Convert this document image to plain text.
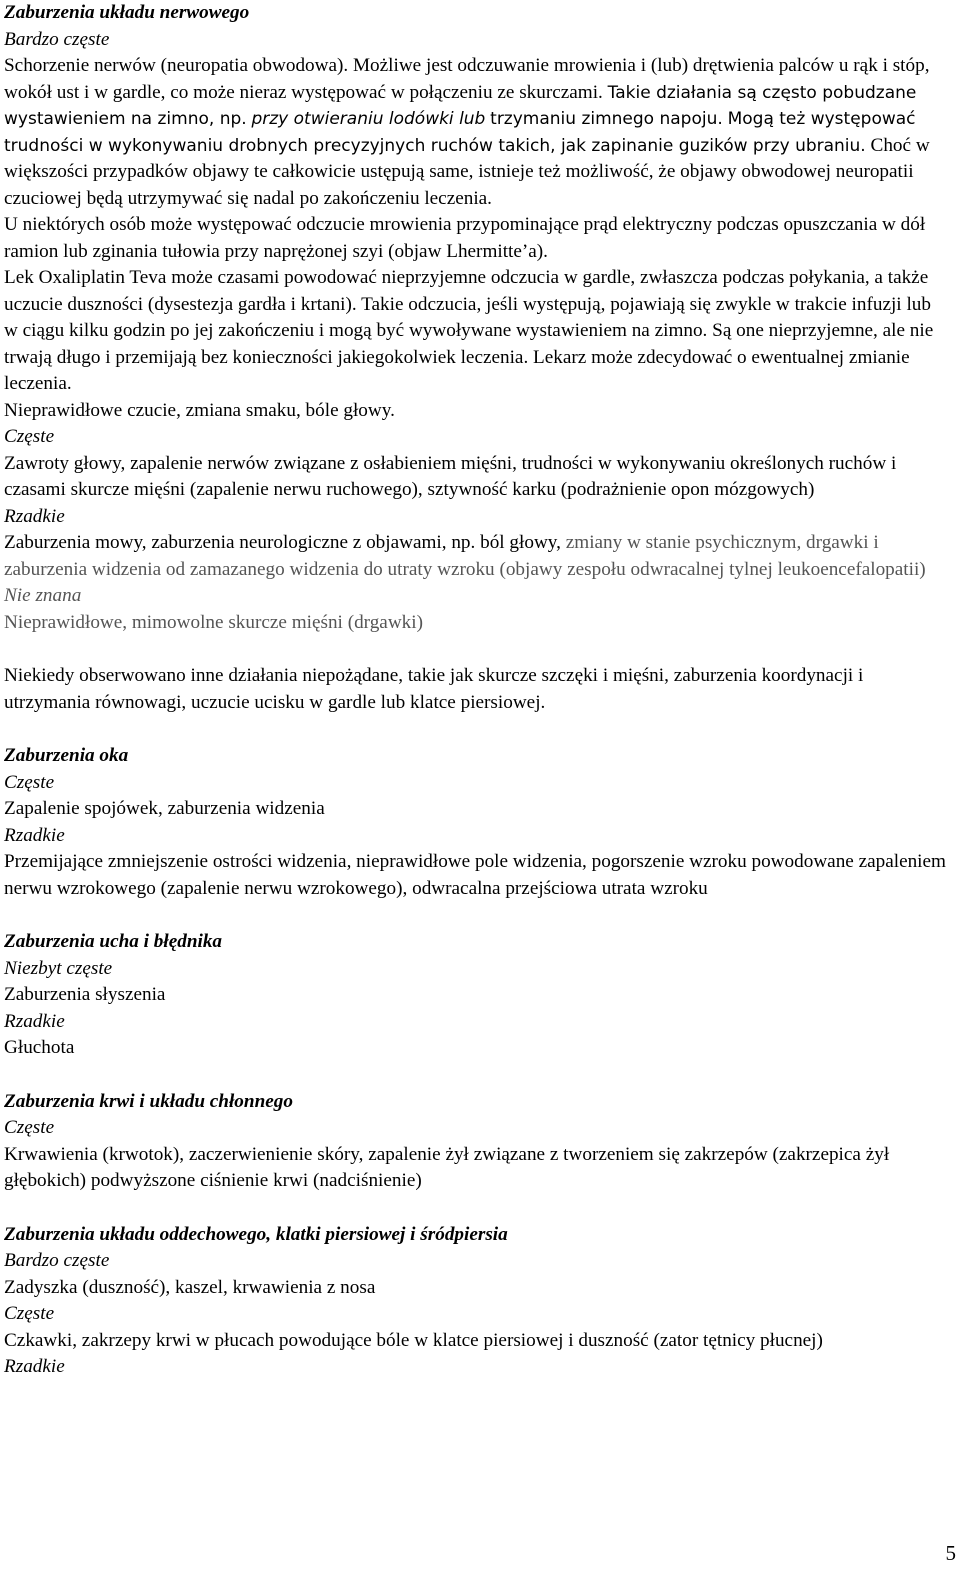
Zaburzenia układu nerwowego
Bardzo częste

Schorzenie nerwów (neuropatia obwodowa). Możliwe jest odczuwanie mrowienia i (lub) drętwienia palców u rąk i stóp, wokół ust i w gardle, co może nieraz występować w połączeniu ze skurczami. Takie działania są często pobudzane wystawieniem na zimno, np. przy otwieraniu lodówki lub trzymaniu zimnego napoju. Mogą też występować trudności w wykonywaniu drobnych precyzyjnych ruchów takich, jak zapinanie guzików przy ubraniu. Choć w większości przypadków objawy te całkowicie ustępują same, istnieje też możliwość, że objawy obwodowej neuropatii czuciowej będą utrzymywać się nadal po zakończeniu leczenia.

U niektórych osób może występować odczucie mrowienia przypominające prąd elektryczny podczas opuszczania w dół ramion lub zginania tułowia przy naprężonej szyi (objaw Lhermitte’a).

Lek Oxaliplatin Teva może czasami powodować nieprzyjemne odczucia w gardle, zwłaszcza podczas połykania, a także uczucie duszności (dysestezja gardła i krtani). Takie odczucia, jeśli występują, pojawiają się zwykle w trakcie infuzji lub w ciągu kilku godzin po jej zakończeniu i mogą być wywoływane wystawieniem na zimno. Są one nieprzyjemne, ale nie trwają długo i przemijają bez konieczności jakiegokolwiek leczenia. Lekarz może zdecydować o ewentualnej zmianie leczenia.

Nieprawidłowe czucie, zmiana smaku, bóle głowy.

Częste

Zawroty głowy, zapalenie nerwów związane z osłabieniem mięśni, trudności w wykonywaniu określonych ruchów i czasami skurcze mięśni (zapalenie nerwu ruchowego), sztywność karku (podrażnienie opon mózgowych)

Rzadkie

Zaburzenia mowy, zaburzenia neurologiczne z objawami, np. ból głowy, zmiany w stanie psychicznym, drgawki i zaburzenia widzenia od zamazanego widzenia do utraty wzroku (objawy zespołu odwracalnej tylnej leukoencefalopatii)

Nie znana

Nieprawidłowe, mimowolne skurcze mięśni (drgawki)

Niekiedy obserwowano inne działania niepożądane, takie jak skurcze szczęki i mięśni, zaburzenia koordynacji i utrzymania równowagi, uczucie ucisku w gardle lub klatce piersiowej.

Zaburzenia oka
Częste

Zapalenie spojówek, zaburzenia widzenia

Rzadkie

Przemijające zmniejszenie ostrości widzenia, nieprawidłowe pole widzenia, pogorszenie wzroku powodowane zapaleniem nerwu wzrokowego (zapalenie nerwu wzrokowego), odwracalna przejściowa utrata wzroku

Zaburzenia ucha i błędnika
Niezbyt częste

Zaburzenia słyszenia

Rzadkie

Głuchota

Zaburzenia krwi i układu chłonnego
Częste

Krwawienia (krwotok), zaczerwienienie skóry, zapalenie żył związane z tworzeniem się zakrzepów (zakrzepica żył głębokich) podwyższone ciśnienie krwi (nadciśnienie)

Zaburzenia układu oddechowego, klatki piersiowej i śródpiersia
Bardzo częste

Zadyszka (duszność), kaszel, krwawienia z nosa

Częste

Czkawki, zakrzepy krwi w płucach powodujące bóle w klatce piersiowej i duszność (zator tętnicy płucnej)

Rzadkie
5
